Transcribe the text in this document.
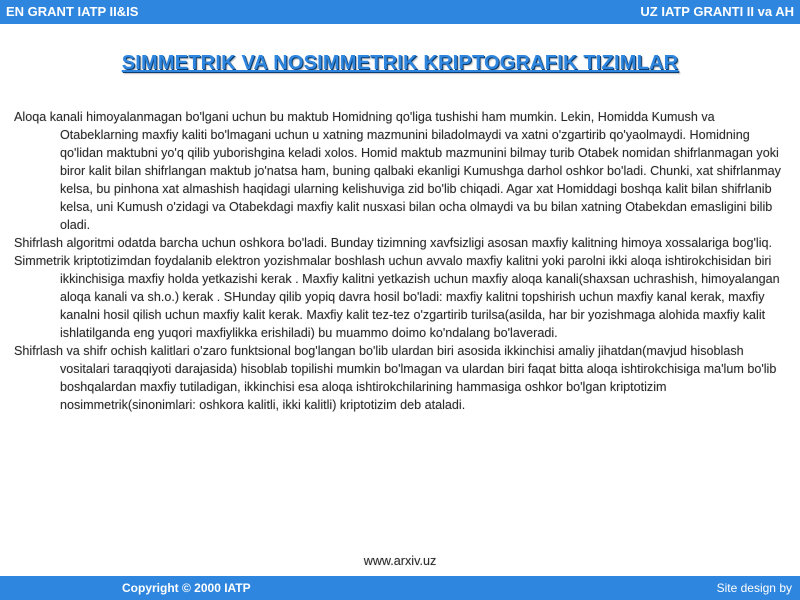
EN GRANT IATP II&IS	UZ IATP GRANTI II va AH
SIMMETRIK VA NOSIMMETRIK KRIPTOGRAFIK TIZIMLAR

Aloqa kanali himoyalanmagan bo'lgani uchun bu maktub Homidning qo'liga tushishi ham mumkin. Lekin, Homidda Kumush va Otabeklarning maxfiy kaliti bo'lmagani uchun u xatning mazmunini biladolmaydi va xatni o'zgartirib qo'yaolmaydi. Homidning qo'lidan maktubni yo'q qilib yuborishgina keladi xolos. Homid maktub mazmunini bilmay turib Otabek nomidan shifrlanmagan yoki biror kalit bilan shifrlangan maktub jo'natsa ham, buning qalbaki ekanligi Kumushga darhol oshkor bo'ladi. Chunki, xat shifrlanmay kelsa, bu pinhona xat almashish haqidagi ularning kelishuviga zid bo'lib chiqadi. Agar xat Homiddagi boshqa kalit bilan shifrlanib kelsa, uni Kumush o'zidagi va Otabekdagi maxfiy kalit nusxasi bilan ocha olmaydi va bu bilan xatning Otabekdan emasligini bilib oladi.

Shifrlash algoritmi odatda barcha uchun oshkora bo'ladi. Bunday tizimning xavfsizligi asosan maxfiy kalitning himoya xossalariga bog'liq.

Simmetrik kriptotizimdan foydalanib elektron yozishmalar boshlash uchun avvalo maxfiy kalitni yoki parolni ikki aloqa ishtirokchisidan biri ikkinchisiga maxfiy holda yetkazishi kerak . Maxfiy kalitni yetkazish uchun maxfiy aloqa kanali(shaxsan uchrashish, himoyalangan aloqa kanali va sh.o.) kerak . SHunday qilib yopiq davra hosil bo'ladi: maxfiy kalitni topshirish uchun maxfiy kanal kerak, maxfiy kanalni hosil qilish uchun maxfiy kalit kerak. Maxfiy kalit tez-tez o'zgartirib turilsa(asilda, har bir yozishmaga alohida maxfiy kalit ishlatilganda eng yuqori maxfiylikka erishiladi) bu muammo doimo ko'ndalang bo'laveradi.

Shifrlash va shifr ochish kalitlari o'zaro funktsional bog'langan bo'lib ulardan biri asosida ikkinchisi amaliy jihatdan(mavjud hisoblash vositalari taraqqiyoti darajasida) hisoblab topilishi mumkin bo'lmagan va ulardan biri faqat bitta aloqa ishtirokchisiga ma'lum bo'lib boshqalardan maxfiy tutiladigan, ikkinchisi esa aloqa ishtirokchilarining hammasiga oshkor bo'lgan kriptotizim nosimmetrik(sinonimlari: oshkora kalitli, ikki kalitli) kriptotizim deb ataladi.

www.arxiv.uz
Copyright © 2000 IATP	Site design by
